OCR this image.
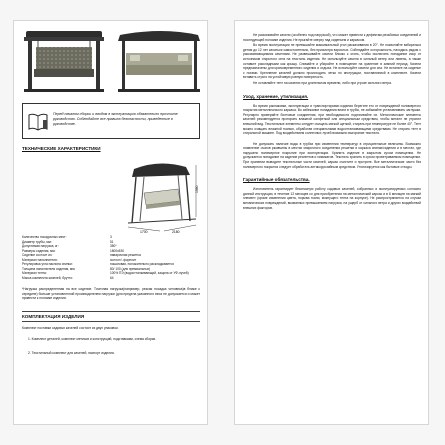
Перед началом сборки и вводом в эксплуатацию обязательно прочтите руководство. Соблюдайте все правила безопасности, приведенные в руководстве.

ТЕХНИЧЕСКИЕ ХАРАКТЕРИСТИКИ

1560
2180
1700
Количество посадочных мест:	3
Диаметр трубы, мм:	51
Допустимая нагрузка, кг:	350*
Размеры сидения, мм:	1800х530
Сидение состоит из:	наварочная решетка
Материал наполнителя:	холлон \ форплит
Регулировка угла наклона спинки:	пошаговая, положительно раскладывается
Толщина наполнителя сидения, мм:	80/ 100 (для премиальных)
Материал тента:	100% ПЭ (водоотталкивающий, защита от УФ-лучей)
Масса комплекта качелей, брутто:	64

*Нагрузка распределенная на все сидение. Точечная нагрузка(например, резкая посадка человека)в ближе к середине) больше установленной производителем нагрузки (для предела указанного веса не допускается и может привести к поломке изделия.

КОМПЛЕКТАЦИЯ ИЗДЕЛИЯ

Комплект поставки садовых качелей состоит из двух упаковок:

1. Комплект деталей, комплект метизов и конструкций, подставками, схема сборки.

2. Текстильный комплект для качелей, паспорт изделия.

Не раскачивайте качели (особенно под нагрузкой), что может привести к дефектам резьбовых соединений и последующей поломке изделия. Не прыгайте сверху над сиденьем и каркасом.

Во время эксплуатации не превышайте максимальный угол раскачивания в 20°. Не позволяйте взбираться детям до 12 лет качаться самостоятельно, без присмотра взрослых. Соблюдайте осторожность, находясь рядом с раскачивающимися качелями. Не развешивайте качели близко к огонь, чтобы исключить попадание искр от источников открытого огня на текстиль изделия. Не используйте качели в сильный ветер или ливень, а также оставьте раскладными как крышу. Снимайте и убирайте в помещение на хранение в зимний период. Качели предназначены для кратковременного сидения и отдыха. Не используйте качели для сна. Не встаньте на сиденье с ногами. Крепление качелей должно происходить четко по инструкции, поставляемой в комплекте. Качели вставить строго на устойчивую ровную поверхность.

Не оставляйте тент на качелях при длительном времени, либо при угрозе сильного ветра.

Уход, хранение, утилизация.

Во время распаковки, эксплуатации и транспортировки изделия берегите его от повреждений полимерного покрытия металлического каркаса. Во избежание попадания влаги в трубы, не забывайте устанавливать заглушки. Регулярно проверяйте болтовые соединения, при необходимости подтягивайте их. Металлические элементы качелей рекомендуется протирать влажной салфеткой или специальным средством, чтобы металл не утратил внешний вид. Текстильные элементы следует очищать мягкой щеткой, стирать при температуре не более 40°. Тент можно очищать влажной тканью, обработав специальными водоотталкивающими средствами. Не стирать тент в стиральной машине. Под воздействием солнечных лучей возможно выгорание текстиля.

Не допускать наличие воды в трубах при изменении температур в отрицательные величины. Возможно появление очагов ржавчины в местах сварочного соединения решетки и каркаса спинки/сидения и в местах, где нарушено полимерное покрытие при эксплуатации. Хранить изделие в закрытом сухом помещении. Не допускается попадание на изделие реагентов и химикатов. Текстиль хранить в сухом проветриваемом помещении. При хранении выводите текстильные части качелей, каркас очистите и протрите. Все металлические части без полимерного покрытия следует обработать антикоррозийным средством. Утилизируется как бытовые отходы.

Гарантийные обязательства.

Изготовитель гарантирует безопасную работу садовых качелей, собранных и эксплуатируемых согласно данной инструкции, в течение 12 месяцев со дня приобретения на металлический каркас и в 6 месяцев на мягкий элемент (кроме изменения цвета, порыва ткани, мокнущего тента на корпусе). Не распространяется на случаи механических повреждений, вызванных превышением нагрузки, на ущерб от сильного ветра и других воздействий внешних факторов.
